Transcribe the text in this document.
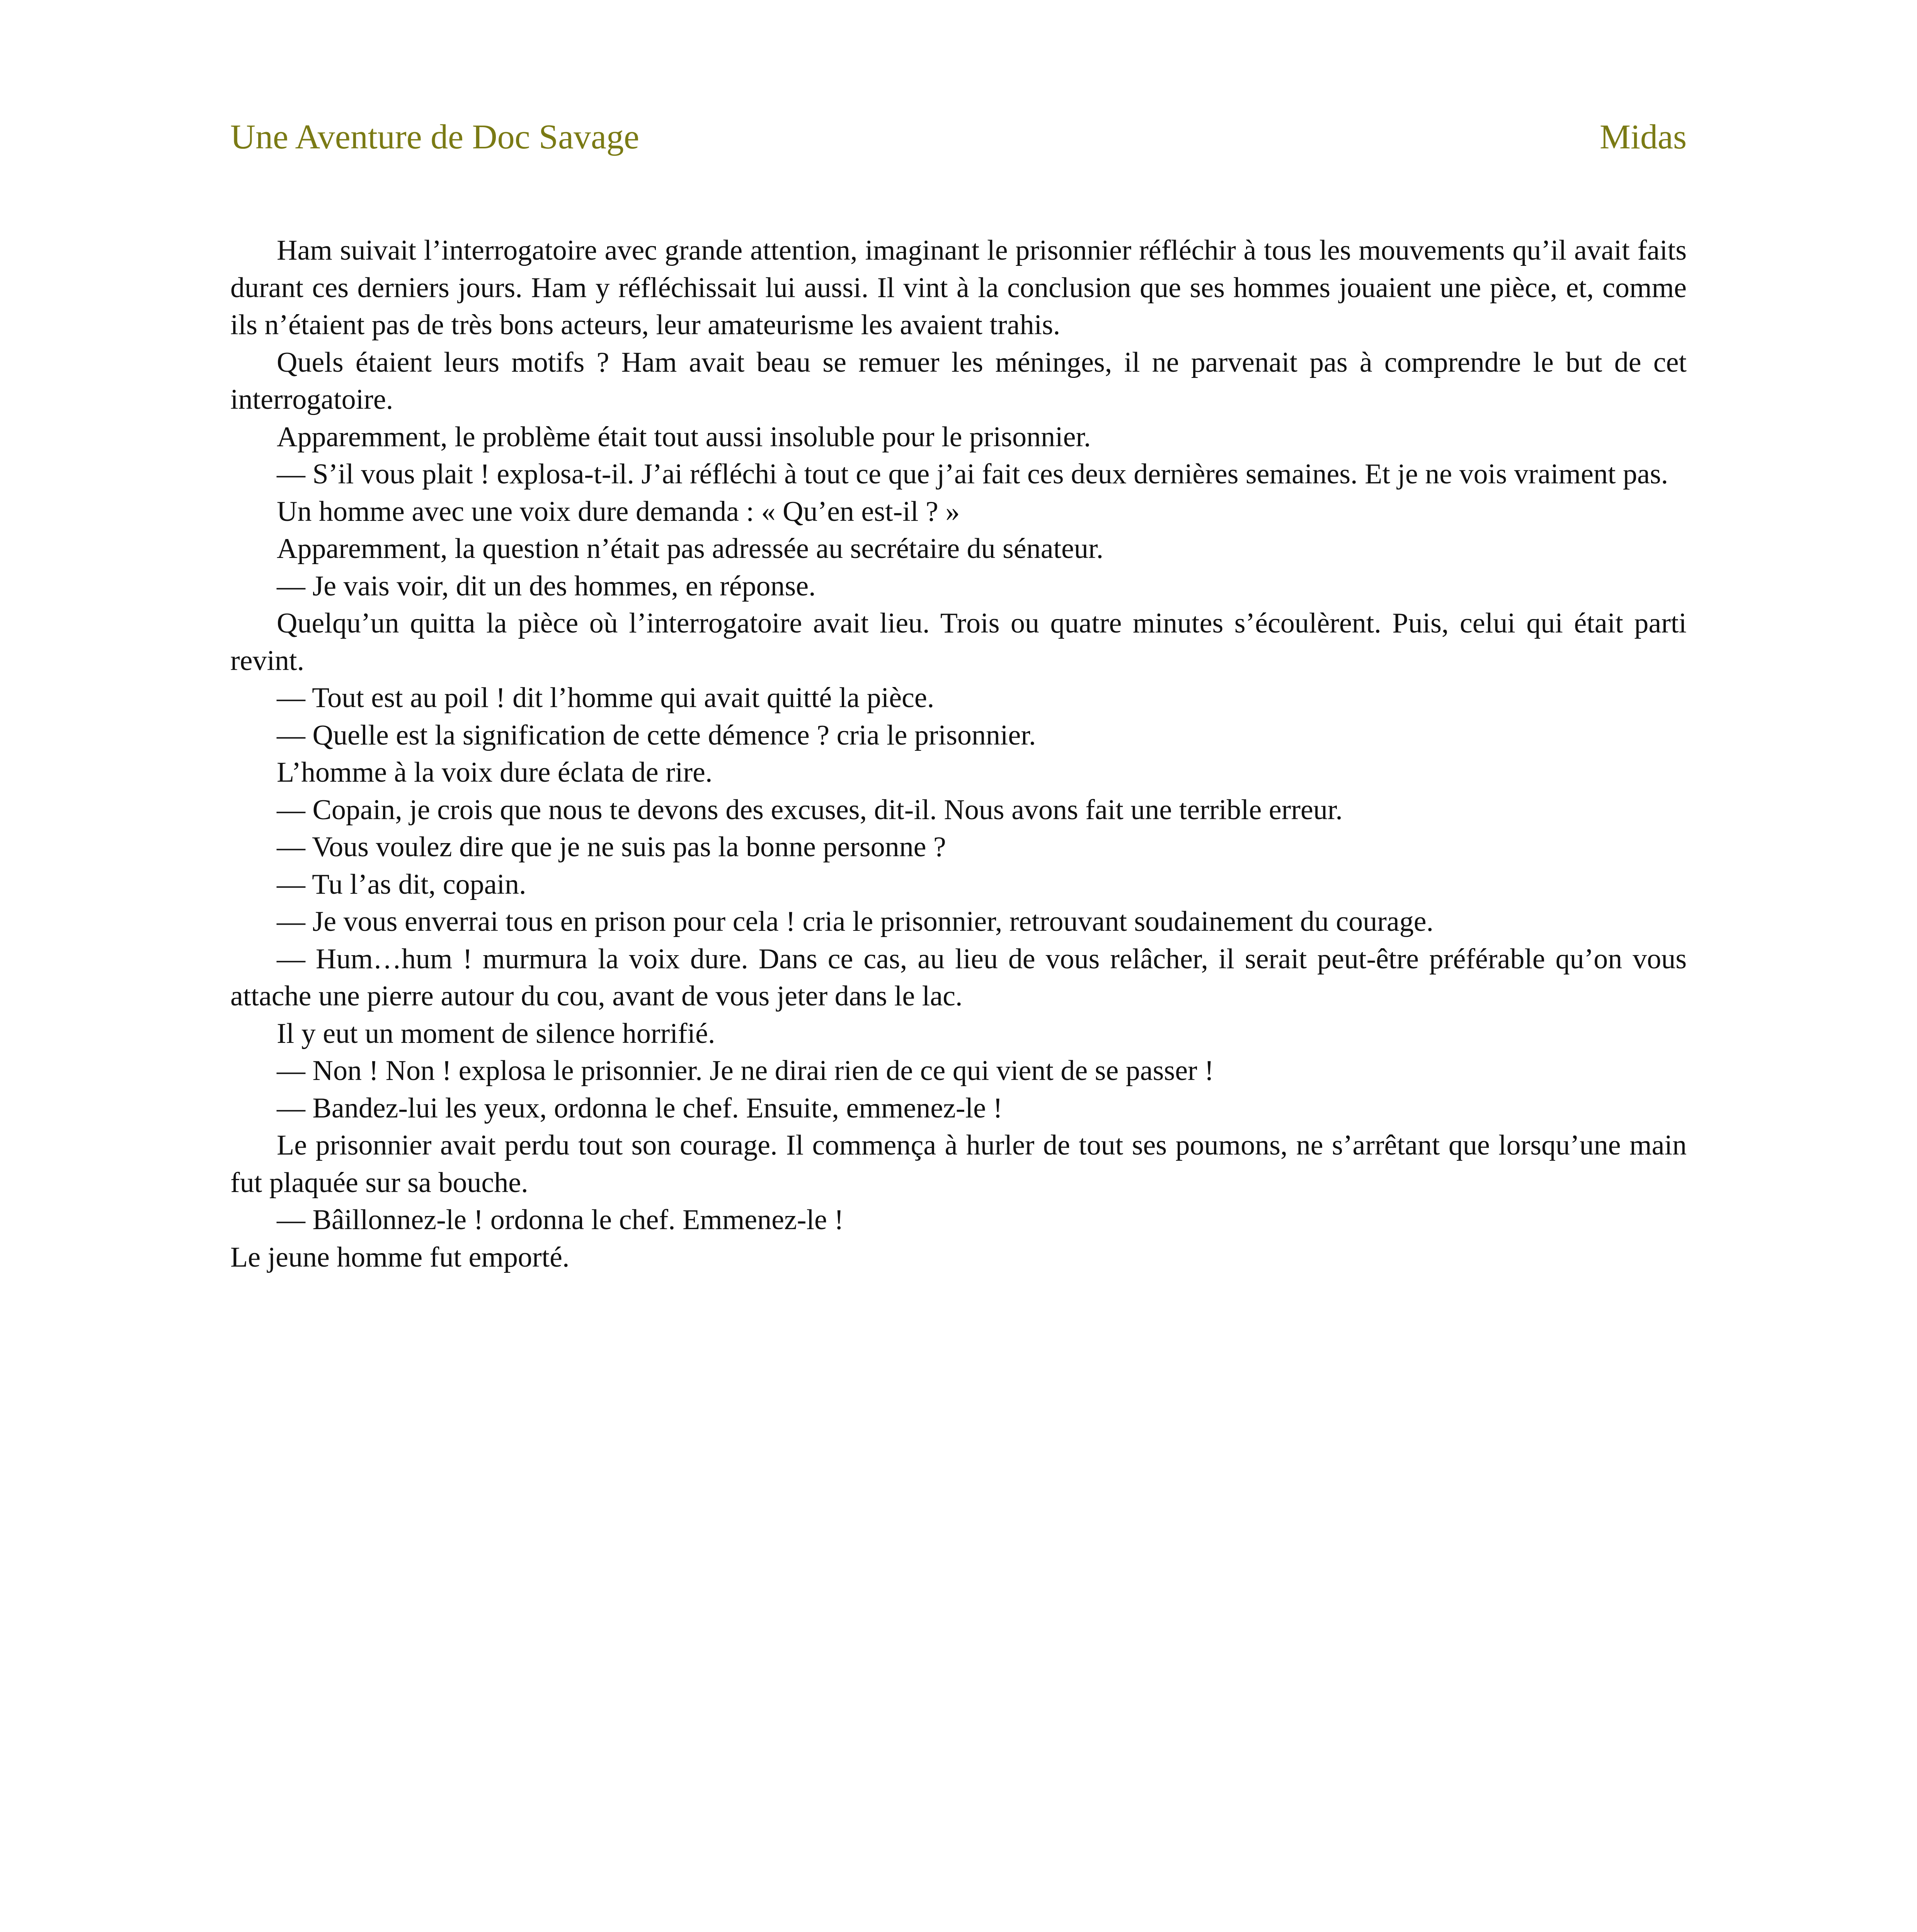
Une Aventure de Doc Savage	Midas

Ham suivait l’interrogatoire avec grande attention, imaginant le prisonnier réfléchir à tous les mouvements qu’il avait faits durant ces derniers jours. Ham y réfléchissait lui aussi. Il vint à la conclusion que ses hommes jouaient une pièce, et, comme ils n’étaient pas de très bons acteurs, leur amateurisme les avaient trahis.

Quels étaient leurs motifs ? Ham avait beau se remuer les méninges, il ne parvenait pas à comprendre le but de cet interrogatoire.

Apparemment, le problème était tout aussi insoluble pour le prisonnier.

— S’il vous plait ! explosa-t-il. J’ai réfléchi à tout ce que j’ai fait ces deux dernières semaines. Et je ne vois vraiment pas.

Un homme avec une voix dure demanda : « Qu’en est-il ? »

Apparemment, la question n’était pas adressée au secrétaire du sénateur.

— Je vais voir, dit un des hommes, en réponse.

Quelqu’un quitta la pièce où l’interrogatoire avait lieu. Trois ou quatre minutes s’écoulèrent. Puis, celui qui était parti revint.

— Tout est au poil ! dit l’homme qui avait quitté la pièce.

— Quelle est la signification de cette démence ? cria le prisonnier.

L’homme à la voix dure éclata de rire.

— Copain, je crois que nous te devons des excuses, dit-il. Nous avons fait une terrible erreur.

— Vous voulez dire que je ne suis pas la bonne personne ?

— Tu l’as dit, copain.

— Je vous enverrai tous en prison pour cela ! cria le prisonnier, retrouvant soudainement du courage.

— Hum…hum ! murmura la voix dure. Dans ce cas, au lieu de vous relâcher, il serait peut-être préférable qu’on vous attache une pierre autour du cou, avant de vous jeter dans le lac.

Il y eut un moment de silence horrifié.

— Non ! Non ! explosa le prisonnier. Je ne dirai rien de ce qui vient de se passer !

— Bandez-lui les yeux, ordonna le chef. Ensuite, emmenez-le !

Le prisonnier avait perdu tout son courage. Il commença à hurler de tout ses poumons, ne s’arrêtant que lorsqu’une main fut plaquée sur sa bouche.

— Bâillonnez-le ! ordonna le chef. Emmenez-le !

Le jeune homme fut emporté.
